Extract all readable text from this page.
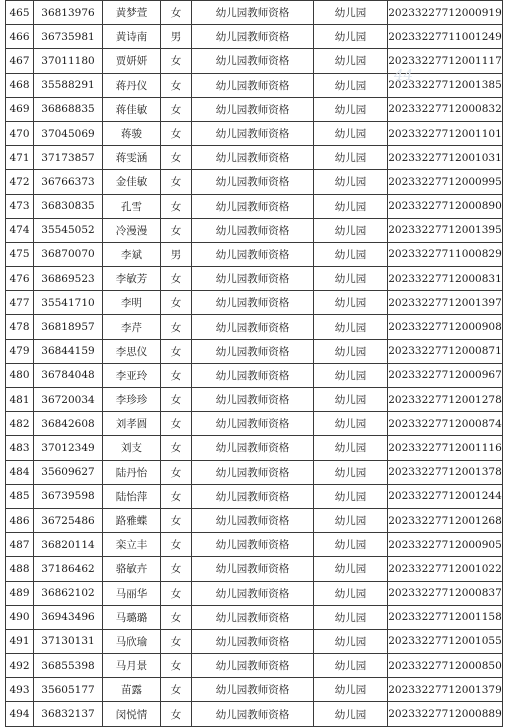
465	36813976	黄梦萱	女	幼儿园教师资格	幼儿园	20233227712000919
466	36735981	黄诗南	男	幼儿园教师资格	幼儿园	20233227711001249
467	37011180	贾妍妍	女	幼儿园教师资格	幼儿园	20233227712001117
468	35588291	蒋丹仪	女	幼儿园教师资格	幼儿园	20233227712001385
469	36868835	蒋佳敏	女	幼儿园教师资格	幼儿园	20233227712000832
470	37045069	蒋骏	女	幼儿园教师资格	幼儿园	20233227712001101
471	37173857	蒋雯涵	女	幼儿园教师资格	幼儿园	20233227712001031
472	36766373	金佳敏	女	幼儿园教师资格	幼儿园	20233227712000995
473	36830835	孔雪	女	幼儿园教师资格	幼儿园	20233227712000890
474	35545052	冷漫漫	女	幼儿园教师资格	幼儿园	20233227712001395
475	36870070	李斌	男	幼儿园教师资格	幼儿园	20233227711000829
476	36869523	李敏芳	女	幼儿园教师资格	幼儿园	20233227712000831
477	35541710	李明	女	幼儿园教师资格	幼儿园	20233227712001397
478	36818957	李芹	女	幼儿园教师资格	幼儿园	20233227712000908
479	36844159	李思仪	女	幼儿园教师资格	幼儿园	20233227712000871
480	36784048	李亚玲	女	幼儿园教师资格	幼儿园	20233227712000967
481	36720034	李珍珍	女	幼儿园教师资格	幼儿园	20233227712001278
482	36842608	刘孝圆	女	幼儿园教师资格	幼儿园	20233227712000874
483	37012349	刘支	女	幼儿园教师资格	幼儿园	20233227712001116
484	35609627	陆丹怡	女	幼儿园教师资格	幼儿园	20233227712001378
485	36739598	陆怡萍	女	幼儿园教师资格	幼儿园	20233227712001244
486	36725486	路雅蝶	女	幼儿园教师资格	幼儿园	20233227712001268
487	36820114	栾立丰	女	幼儿园教师资格	幼儿园	20233227712000905
488	37186462	骆敏卉	女	幼儿园教师资格	幼儿园	20233227712001022
489	36862102	马丽华	女	幼儿园教师资格	幼儿园	20233227712000837
490	36943496	马璐璐	女	幼儿园教师资格	幼儿园	20233227712001158
491	37130131	马欣瑜	女	幼儿园教师资格	幼儿园	20233227712001055
492	36855398	马月景	女	幼儿园教师资格	幼儿园	20233227712000850
493	35605177	苗露	女	幼儿园教师资格	幼儿园	20233227712001379
494	36832137	闵悦情	女	幼儿园教师资格	幼儿园	20233227712000889
44
